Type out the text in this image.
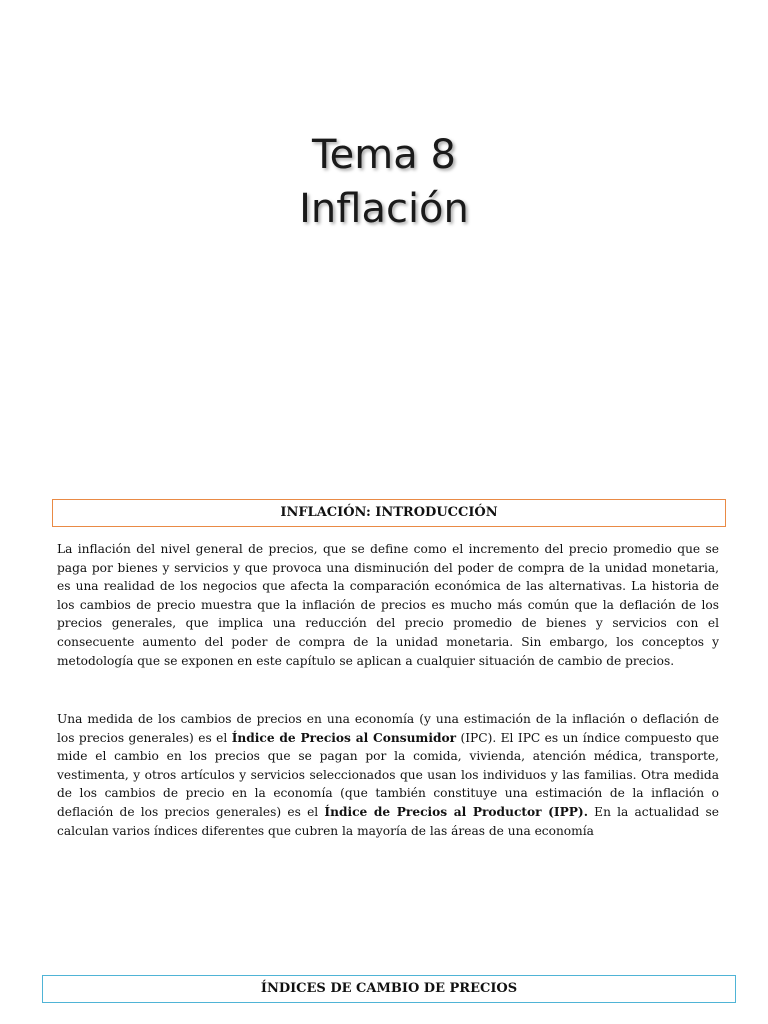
Tema 8
Inflación
INFLACIÓN: INTRODUCCIÓN
La inflación del nivel general de precios, que se define como el incremento del precio promedio que se paga por bienes y servicios y que provoca una disminución del poder de compra de la unidad monetaria, es una realidad de los negocios que afecta la comparación económica de las alternativas. La historia de los cambios de precio muestra que la inflación de precios es mucho más común que la deflación de los precios generales, que implica una reducción del precio promedio de bienes y servicios con el consecuente aumento del poder de compra de la unidad monetaria. Sin embargo, los conceptos y metodología que se exponen en este capítulo se aplican a cualquier situación de cambio de precios.
Una medida de los cambios de precios en una economía (y una estimación de la inflación o deflación de los precios generales) es el Índice de Precios al Consumidor (IPC). El IPC es un índice compuesto que mide el cambio en los precios que se pagan por la comida, vivienda, atención médica, transporte, vestimenta, y otros artículos y servicios seleccionados que usan los individuos y las familias. Otra medida de los cambios de precio en la economía (que también constituye una estimación de la inflación o deflación de los precios generales) es el Índice de Precios al Productor (IPP). En la actualidad se calculan varios índices diferentes que cubren la mayoría de las áreas de una economía
ÍNDICES DE CAMBIO DE PRECIOS
